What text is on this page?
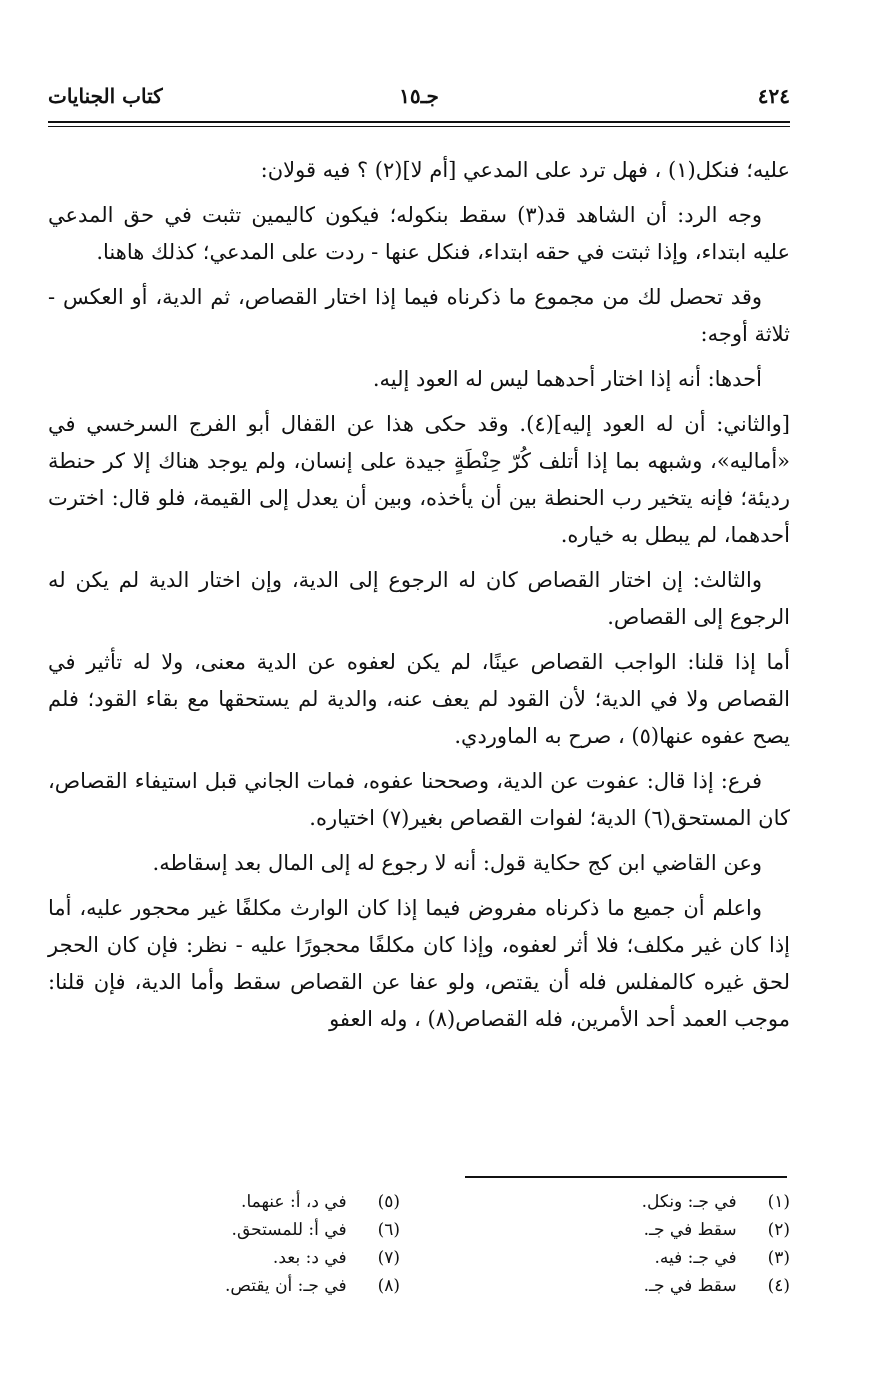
٤٢٤
جـ١٥
كتاب الجنايات

عليه؛ فنكل(١) ، فهل ترد على المدعي [أم لا](٢) ؟ فيه قولان:

وجه الرد: أن الشاهد قد(٣) سقط بنكوله؛ فيكون كاليمين تثبت في حق المدعي عليه ابتداء، وإذا ثبتت في حقه ابتداء، فنكل عنها - ردت على المدعي؛ كذلك هاهنا.

وقد تحصل لك من مجموع ما ذكرناه فيما إذا اختار القصاص، ثم الدية، أو العكس - ثلاثة أوجه:

أحدها: أنه إذا اختار أحدهما ليس له العود إليه.

[والثاني: أن له العود إليه](٤). وقد حكى هذا عن القفال أبو الفرج السرخسي في «أماليه»، وشبهه بما إذا أتلف كُرّ حِنْطَةٍ جيدة على إنسان، ولم يوجد هناك إلا كر حنطة رديئة؛ فإنه يتخير رب الحنطة بين أن يأخذه، وبين أن يعدل إلى القيمة، فلو قال: اخترت أحدهما، لم يبطل به خياره.

والثالث: إن اختار القصاص كان له الرجوع إلى الدية، وإن اختار الدية لم يكن له الرجوع إلى القصاص.

أما إذا قلنا: الواجب القصاص عينًا، لم يكن لعفوه عن الدية معنى، ولا له تأثير في القصاص ولا في الدية؛ لأن القود لم يعف عنه، والدية لم يستحقها مع بقاء القود؛ فلم يصح عفوه عنها(٥) ، صرح به الماوردي.

فرع: إذا قال: عفوت عن الدية، وصححنا عفوه، فمات الجاني قبل استيفاء القصاص، كان المستحق(٦) الدية؛ لفوات القصاص بغير(٧) اختياره.

وعن القاضي ابن كج حكاية قول: أنه لا رجوع له إلى المال بعد إسقاطه.

واعلم أن جميع ما ذكرناه مفروض فيما إذا كان الوارث مكلفًا غير محجور عليه، أما إذا كان غير مكلف؛ فلا أثر لعفوه، وإذا كان مكلفًا محجورًا عليه - نظر: فإن كان الحجر لحق غيره كالمفلس فله أن يقتص، ولو عفا عن القصاص سقط وأما الدية، فإن قلنا: موجب العمد أحد الأمرين، فله القصاص(٨) ، وله العفو

(١) في جـ: ونكل.
(٢) سقط في جـ.
(٣) في جـ: فيه.
(٤) سقط في جـ.
(٥) في د، أ: عنهما.
(٦) في أ: للمستحق.
(٧) في د: بعد.
(٨) في جـ: أن يقتص.
